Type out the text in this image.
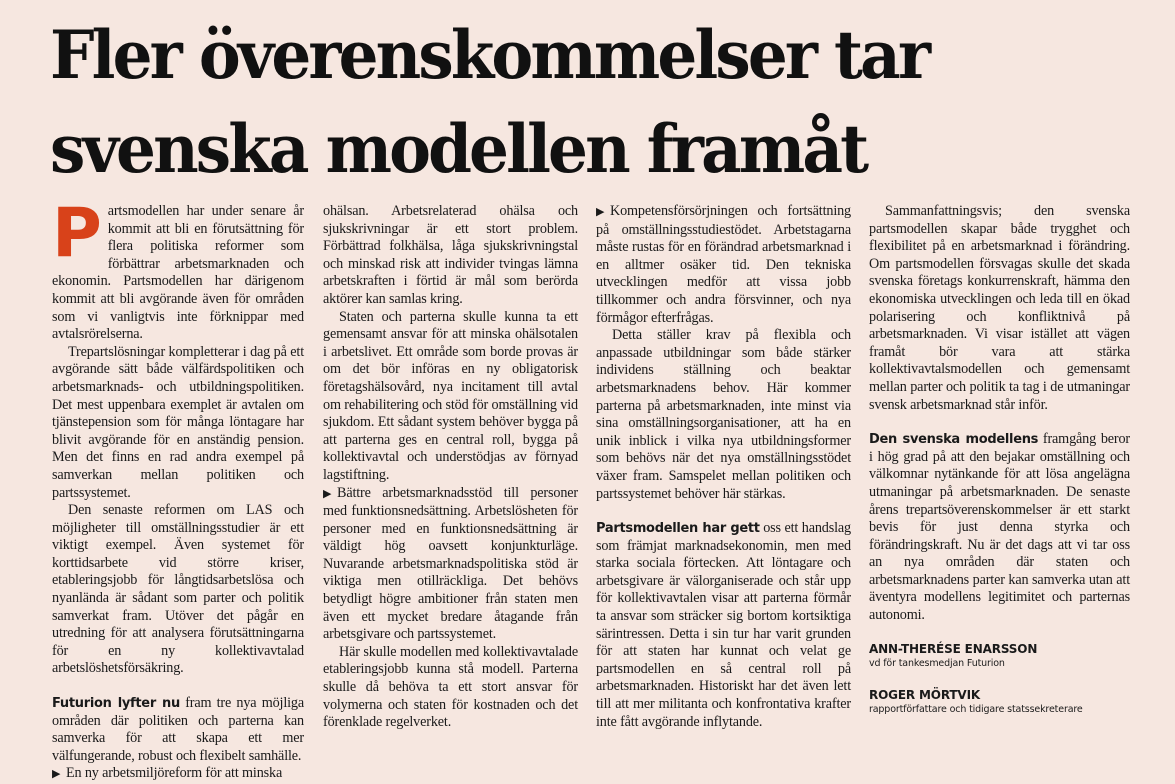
Fler överenskommelser tar
svenska modellen framåt

Partsmodellen har under senare år kommit att bli en förutsättning för flera politiska reformer som förbättrar arbetsmarknaden och ekonomin. Partsmodellen har därigenom kommit att bli avgörande även för områden som vi vanligtvis inte förknippar med avtalsrörelserna.

Trepartslösningar kompletterar i dag på ett avgörande sätt både välfärdspolitiken och arbetsmarknads- och utbildningspolitiken. Det mest uppenbara exemplet är avtalen om tjänstepension som för många löntagare har blivit avgörande för en anständig pension. Men det finns en rad andra exempel på samverkan mellan politiken och partssystemet.

Den senaste reformen om LAS och möjligheter till omställningsstudier är ett viktigt exempel. Även systemet för korttidsarbete vid större kriser, etableringsjobb för långtidsarbetslösa och nyanlända är sådant som parter och politik samverkat fram. Utöver det pågår en utredning för att analysera förutsättningarna för en ny kollektivavtalad arbetslöshetsförsäkring.

Futurion lyfter nu fram tre nya möjliga områden där politiken och parterna kan samverka för att skapa ett mer välfungerande, robust och flexibelt samhälle.

▶ En ny arbetsmiljöreform för att minska

ohälsan. Arbetsrelaterad ohälsa och sjukskrivningar är ett stort problem. Förbättrad folkhälsa, låga sjukskrivningstal och minskad risk att individer tvingas lämna arbetskraften i förtid är mål som berörda aktörer kan samlas kring.

Staten och parterna skulle kunna ta ett gemensamt ansvar för att minska ohälsotalen i arbetslivet. Ett område som borde provas är om det bör införas en ny obligatorisk företagshälsovård, nya incitament till avtal om rehabilitering och stöd för omställning vid sjukdom. Ett sådant system behöver bygga på att parterna ges en central roll, bygga på kollektivavtal och understödjas av förnyad lagstiftning.

▶ Bättre arbetsmarknadsstöd till personer med funktionsnedsättning. Arbetslösheten för personer med en funktionsnedsättning är väldigt hög oavsett konjunkturläge. Nuvarande arbetsmarknadspolitiska stöd är viktiga men otillräckliga. Det behövs betydligt högre ambitioner från staten men även ett mycket bredare åtagande från arbetsgivare och partssystemet.

Här skulle modellen med kollektivavtalade etableringsjobb kunna stå modell. Parterna skulle då behöva ta ett stort ansvar för volymerna och staten för kostnaden och det förenklade regelverket.

▶ Kompetensförsörjningen och fortsättning på omställningsstudiestödet. Arbetstagarna måste rustas för en förändrad arbetsmarknad i en alltmer osäker tid. Den tekniska utvecklingen medför att vissa jobb tillkommer och andra försvinner, och nya förmågor efterfrågas.

Detta ställer krav på flexibla och anpassade utbildningar som både stärker individens ställning och beaktar arbetsmarknadens behov. Här kommer parterna på arbetsmarknaden, inte minst via sina omställningsorganisationer, att ha en unik inblick i vilka nya utbildningsformer som behövs när det nya omställningsstödet växer fram. Samspelet mellan politiken och partssystemet behöver här stärkas.

Partsmodellen har gett oss ett handslag som främjat marknadsekonomin, men med starka sociala förtecken. Att löntagare och arbetsgivare är välorganiserade och står upp för kollektivavtalen visar att parterna förmår ta ansvar som sträcker sig bortom kortsiktiga särintressen. Detta i sin tur har varit grunden för att staten har kunnat och velat ge partsmodellen en så central roll på arbetsmarknaden. Historiskt har det även lett till att mer militanta och konfrontativa krafter inte fått avgörande inflytande.

Sammanfattningsvis; den svenska partsmodellen skapar både trygghet och flexibilitet på en arbetsmarknad i förändring. Om partsmodellen försvagas skulle det skada svenska företags konkurrenskraft, hämma den ekonomiska utvecklingen och leda till en ökad polarisering och konfliktnivå på arbetsmarknaden. Vi visar istället att vägen framåt bör vara att stärka kollektivavtalsmodellen och gemensamt mellan parter och politik ta tag i de utmaningar svensk arbetsmarknad står inför.

Den svenska modellens framgång beror i hög grad på att den bejakar omställning och välkomnar nytänkande för att lösa angelägna utmaningar på arbetsmarknaden. De senaste årens trepartsöverenskommelser är ett starkt bevis för just denna styrka och förändringskraft. Nu är det dags att vi tar oss an nya områden där staten och arbetsmarknadens parter kan samverka utan att äventyra modellens legitimitet och parternas autonomi.

ANN-THERÉSE ENARSSON
vd för tankesmedjan Futurion
ROGER MÖRTVIK
rapportförfattare och tidigare statssekreterare
